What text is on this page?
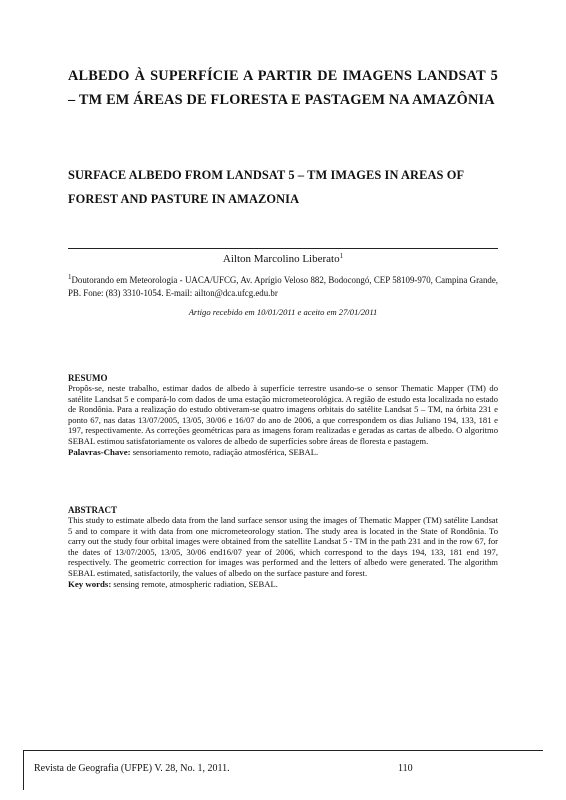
ALBEDO À SUPERFÍCIE A PARTIR DE IMAGENS LANDSAT 5 – TM EM ÁREAS DE FLORESTA E PASTAGEM NA AMAZÔNIA
SURFACE ALBEDO FROM LANDSAT 5 – TM IMAGES IN AREAS OF FOREST AND PASTURE IN AMAZONIA
Ailton Marcolino Liberato$^1$
$^1$Doutorando em Meteorologia - UACA/UFCG, Av. Aprígio Veloso 882, Bodocongó, CEP 58109-970, Campina Grande, PB. Fone: (83) 3310-1054. E-mail: ailton@dca.ufcg.edu.br
Artigo recebido em 10/01/2011 e aceito em 27/01/2011
RESUMO
Propôs-se, neste trabalho, estimar dados de albedo à superfície terrestre usando-se o sensor Thematic Mapper (TM) do satélite Landsat 5 e compará-lo com dados de uma estação micrometeorológica. A região de estudo esta localizada no estado de Rondônia. Para a realização do estudo obtiveram-se quatro imagens orbitais do satélite Landsat 5 – TM, na órbita 231 e ponto 67, nas datas 13/07/2005, 13/05, 30/06 e 16/07 do ano de 2006, a que correspondem os dias Juliano 194, 133, 181 e 197, respectivamente. As correções geométricas para as imagens foram realizadas e geradas as cartas de albedo. O algoritmo SEBAL estimou satisfatoriamente os valores de albedo de superfícies sobre áreas de floresta e pastagem.
Palavras-Chave: sensoriamento remoto, radiação atmosférica, SEBAL.
ABSTRACT
This study to estimate albedo data from the land surface sensor using the images of Thematic Mapper (TM) satélite Landsat 5 and to compare it with data from one micrometeorology station. The study area is located in the State of Rondônia. To carry out the study four orbital images were obtained from the satellite Landsat 5 - TM in the path 231 and in the row 67, for the dates of 13/07/2005, 13/05, 30/06 end16/07 year of 2006, which correspond to the days 194, 133, 181 end 197, respectively. The geometric correction for images was performed and the letters of albedo were generated. The algorithm SEBAL estimated, satisfactorily, the values of albedo on the surface pasture and forest.
Key words: sensing remote, atmospheric radiation, SEBAL.
Revista de Geografia (UFPE) V. 28, No. 1, 2011.	110
